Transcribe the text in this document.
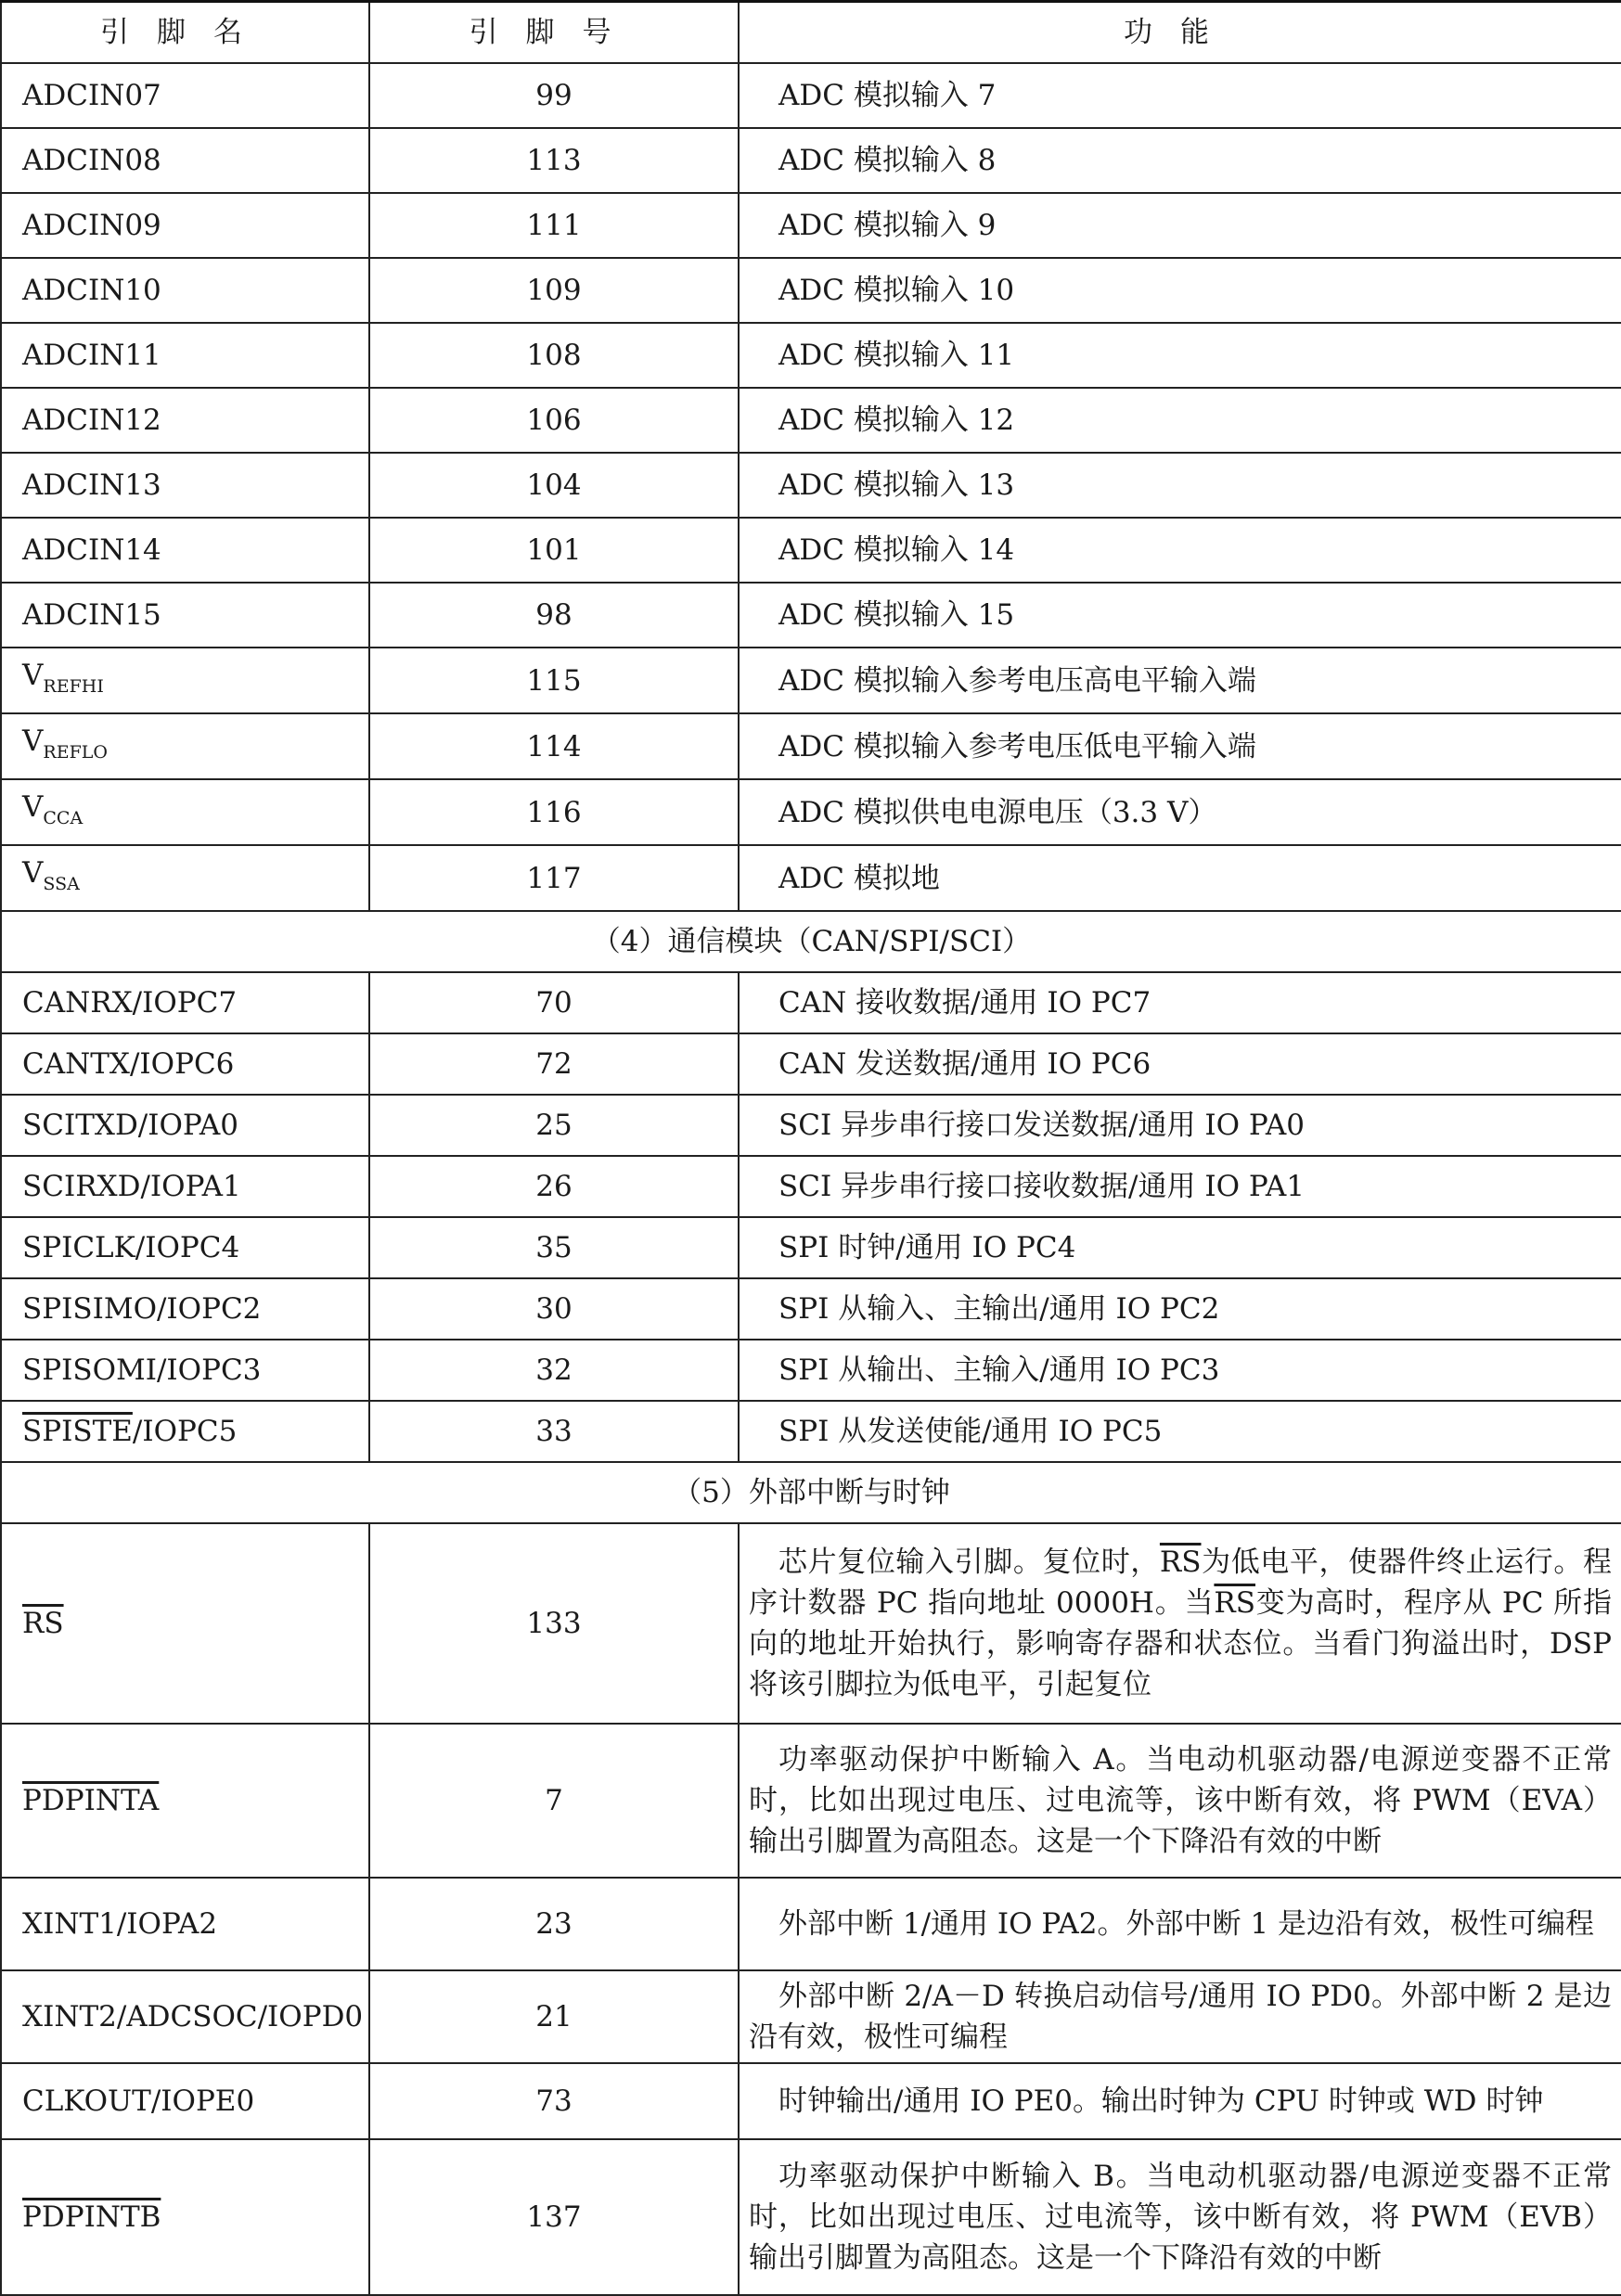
引脚名	引脚号	功能
ADCIN07	99	ADC 模拟输入 7
ADCIN08	113	ADC 模拟输入 8
ADCIN09	111	ADC 模拟输入 9
ADCIN10	109	ADC 模拟输入 10
ADCIN11	108	ADC 模拟输入 11
ADCIN12	106	ADC 模拟输入 12
ADCIN13	104	ADC 模拟输入 13
ADCIN14	101	ADC 模拟输入 14
ADCIN15	98	ADC 模拟输入 15
$V_{REFHI}$	115	ADC 模拟输入参考电压高电平输入端
$V_{REFLO}$	114	ADC 模拟输入参考电压低电平输入端
$V_{CCA}$	116	ADC 模拟供电电源电压（3.3 V）
$V_{SSA}$	117	ADC 模拟地
（4）通信模块（CAN/SPI/SCI）		
CANRX/IOPC7	70	CAN 接收数据/通用 IO PC7
CANTX/IOPC6	72	CAN 发送数据/通用 IO PC6
SCITXD/IOPA0	25	SCI 异步串行接口发送数据/通用 IO PA0
SCIRXD/IOPA1	26	SCI 异步串行接口接收数据/通用 IO PA1
SPICLK/IOPC4	35	SPI 时钟/通用 IO PC4
SPISIMO/IOPC2	30	SPI 从输入、主输出/通用 IO PC2
SPISOMI/IOPC3	32	SPI 从输出、主输入/通用 IO PC3
SPISTE/IOPC5	33	SPI 从发送使能/通用 IO PC5
（5）外部中断与时钟		
$\overline{RS}$	133	芯片复位输入引脚。复位时，$\overline{RS}$为低电平，使器件终止运行。程序计数器 PC 指向地址 0000H。当$\overline{RS}$变为高时，程序从 PC 所指向的地址开始执行，影响寄存器和状态位。当看门狗溢出时，DSP 将该引脚拉为低电平，引起复位
PDPINTA	7	功率驱动保护中断输入 A。当电动机驱动器/电源逆变器不正常时，比如出现过电压、过电流等，该中断有效，将 PWM（EVA）输出引脚置为高阻态。这是一个下降沿有效的中断
XINT1/IOPA2	23	外部中断 1/通用 IO PA2。外部中断 1 是边沿有效，极性可编程
XINT2/ADCSOC/IOPD0	21	外部中断 2/A－D 转换启动信号/通用 IO PD0。外部中断 2 是边沿有效，极性可编程
CLKOUT/IOPE0	73	时钟输出/通用 IO PE0。输出时钟为 CPU 时钟或 WD 时钟
PDPINTB	137	功率驱动保护中断输入 B。当电动机驱动器/电源逆变器不正常时，比如出现过电压、过电流等，该中断有效，将 PWM（EVB）输出引脚置为高阻态。这是一个下降沿有效的中断
